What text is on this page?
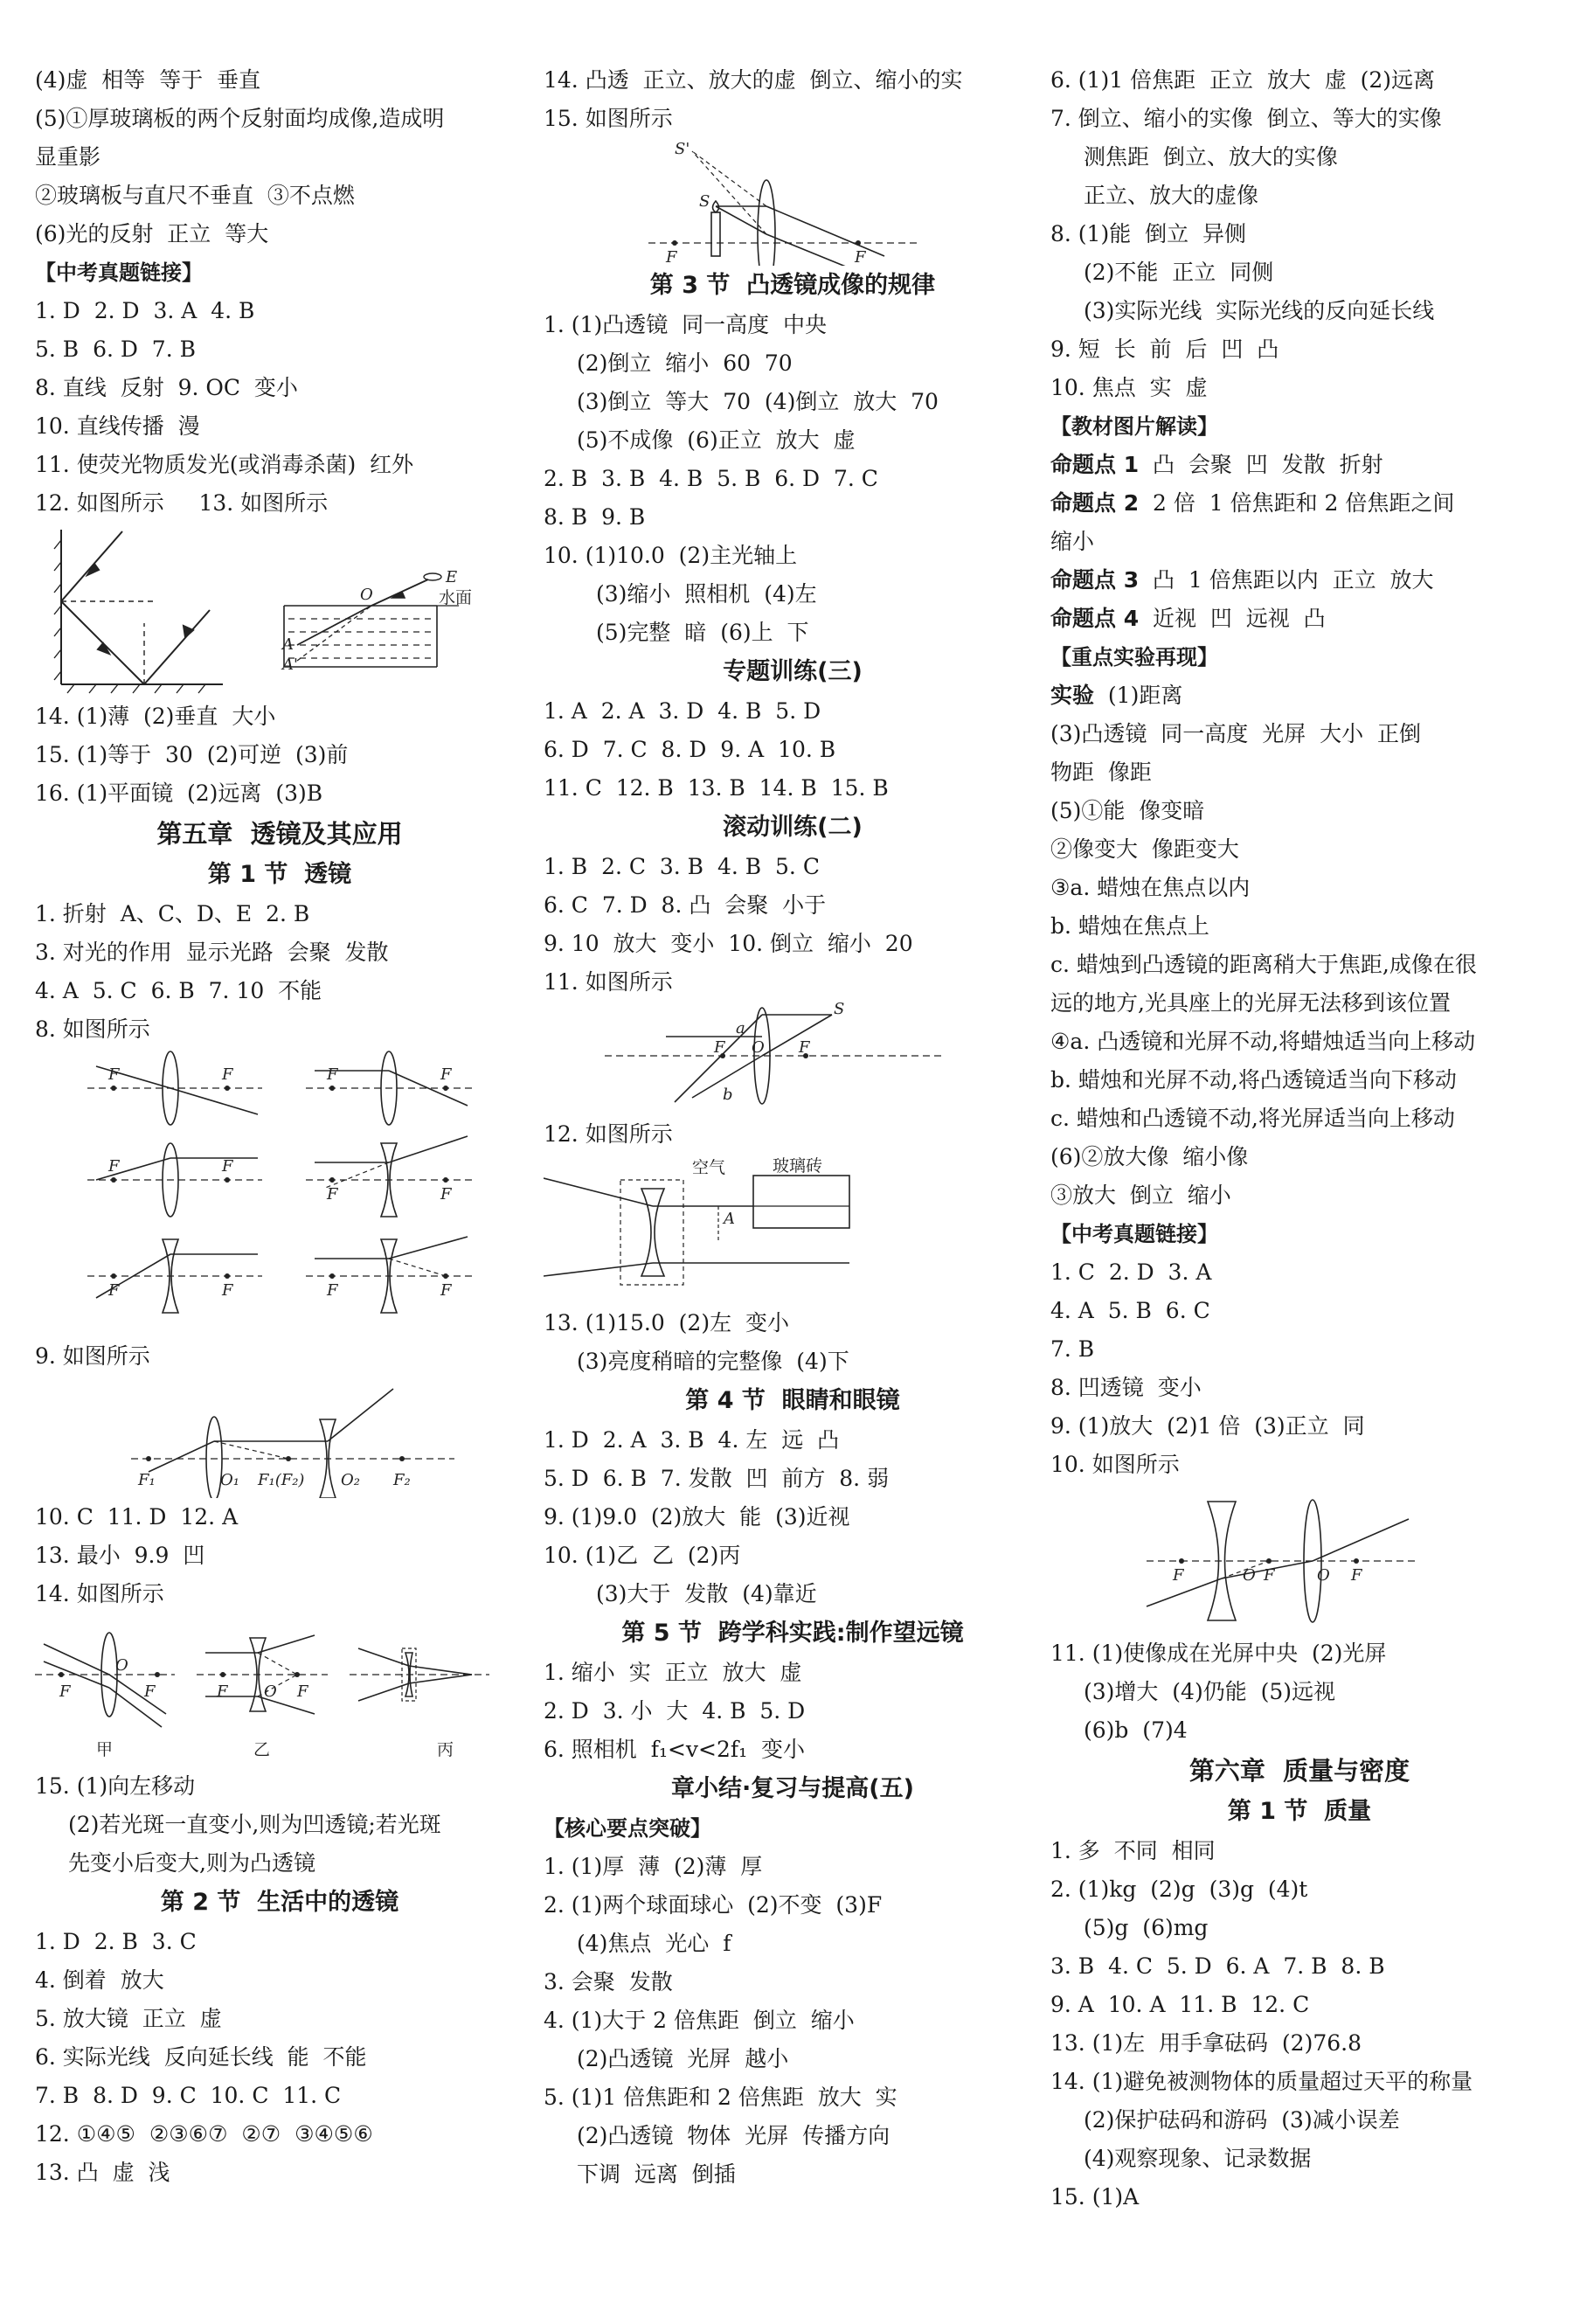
(4)虚  相等  等于  垂直
(5)①厚玻璃板的两个反射面均成像,造成明
显重影
②玻璃板与直尺不垂直  ③不点燃
(6)光的反射  正立  等大
【中考真题链接】
1. D  2. D  3. A  4. B
5. B  6. D  7. B
8. 直线  反射  9. OC  变小
10. 直线传播  漫
11. 使荧光物质发光(或消毒杀菌)  红外
12. 如图所示     13. 如图所示
E
O
A
A'
水面
14. (1)薄  (2)垂直  大小
15. (1)等于  30  (2)可逆  (3)前
16. (1)平面镜  (2)远离  (3)B
第五章  透镜及其应用
第 1 节  透镜
1. 折射  A、C、D、E  2. B
3. 对光的作用  显示光路  会聚  发散
4. A  5. C  6. B  7. 10  不能
8. 如图所示
F	F	F	F
F	F
F	F
F	F	F	F
9. 如图所示
F₁	O₁ F₁(F₂) O₂ F₂
10. C  11. D  12. A
13. 最小  9.9  凹
14. 如图所示
F
O
F	F O F
甲	乙	丙
15. (1)向左移动
(2)若光斑一直变小,则为凹透镜;若光斑
先变小后变大,则为凸透镜
第 2 节  生活中的透镜
1. D  2. B  3. C
4. 倒着  放大
5. 放大镜  正立  虚
6. 实际光线  反向延长线  能  不能
7. B  8. D  9. C  10. C  11. C
12. ①④⑤  ②③⑥⑦  ②⑦  ③④⑤⑥
13. 凸  虚  浅
14. 凸透  正立、放大的虚  倒立、缩小的实
15. 如图所示
S'
S
F	F
第 3 节  凸透镜成像的规律
1. (1)凸透镜  同一高度  中央
(2)倒立  缩小  60  70
(3)倒立  等大  70  (4)倒立  放大  70
(5)不成像  (6)正立  放大  虚
2. B  3. B  4. B  5. B  6. D  7. C
8. B  9. B
10. (1)10.0  (2)主光轴上
(3)缩小  照相机  (4)左
(5)完整  暗  (6)上  下
专题训练(三)
1. A  2. A  3. D  4. B  5. D
6. D  7. C  8. D  9. A  10. B
11. C  12. B  13. B  14. B  15. B
滚动训练(二)
1. B  2. C  3. B  4. B  5. C
6. C  7. D  8. 凸  会聚  小于
9. 10  放大  变小  10. 倒立  缩小  20
11. 如图所示
S
a
b
F O F
12. 如图所示
空气	玻璃砖
A
13. (1)15.0  (2)左  变小
(3)亮度稍暗的完整像  (4)下
第 4 节  眼睛和眼镜
1. D  2. A  3. B  4. 左  远  凸
5. D  6. B  7. 发散  凹  前方  8. 弱
9. (1)9.0  (2)放大  能  (3)近视
10. (1)乙  乙  (2)丙
(3)大于  发散  (4)靠近
第 5 节  跨学科实践:制作望远镜
1. 缩小  实  正立  放大  虚
2. D  3. 小  大  4. B  5. D
6. 照相机  f₁<v<2f₁  变小
章小结·复习与提高(五)
【核心要点突破】
1. (1)厚  薄  (2)薄  厚
2. (1)两个球面球心  (2)不变  (3)F
(4)焦点  光心  f
3. 会聚  发散
4. (1)大于 2 倍焦距  倒立  缩小
(2)凸透镜  光屏  越小
5. (1)1 倍焦距和 2 倍焦距  放大  实
(2)凸透镜  物体  光屏  传播方向
下调  远离  倒插
6. (1)1 倍焦距  正立  放大  虚  (2)远离
7. 倒立、缩小的实像  倒立、等大的实像
测焦距  倒立、放大的实像
正立、放大的虚像
8. (1)能  倒立  异侧
(2)不能  正立  同侧
(3)实际光线  实际光线的反向延长线
9. 短  长  前  后  凹  凸
10. 焦点  实  虚
【教材图片解读】
命题点 1  凸  会聚  凹  发散  折射
命题点 2  2 倍  1 倍焦距和 2 倍焦距之间
缩小
命题点 3  凸  1 倍焦距以内  正立  放大
命题点 4  近视  凹  远视  凸
【重点实验再现】
实验  (1)距离
(3)凸透镜  同一高度  光屏  大小  正倒
物距  像距
(5)①能  像变暗
②像变大  像距变大
③a. 蜡烛在焦点以内
b. 蜡烛在焦点上
c. 蜡烛到凸透镜的距离稍大于焦距,成像在很
远的地方,光具座上的光屏无法移到该位置
④a. 凸透镜和光屏不动,将蜡烛适当向上移动
b. 蜡烛和光屏不动,将凸透镜适当向下移动
c. 蜡烛和凸透镜不动,将光屏适当向上移动
(6)②放大像  缩小像
③放大  倒立  缩小
【中考真题链接】
1. C  2. D  3. A
4. A  5. B  6. C
7. B
8. 凹透镜  变小
9. (1)放大  (2)1 倍  (3)正立  同
10. 如图所示
F	O F	O F
11. (1)使像成在光屏中央  (2)光屏
(3)增大  (4)仍能  (5)远视
(6)b  (7)4
第六章  质量与密度
第 1 节  质量
1. 多  不同  相同
2. (1)kg  (2)g  (3)g  (4)t
(5)g  (6)mg
3. B  4. C  5. D  6. A  7. B  8. B
9. A  10. A  11. B  12. C
13. (1)左  用手拿砝码  (2)76.8
14. (1)避免被测物体的质量超过天平的称量
(2)保护砝码和游码  (3)减小误差
(4)观察现象、记录数据
15. (1)A
